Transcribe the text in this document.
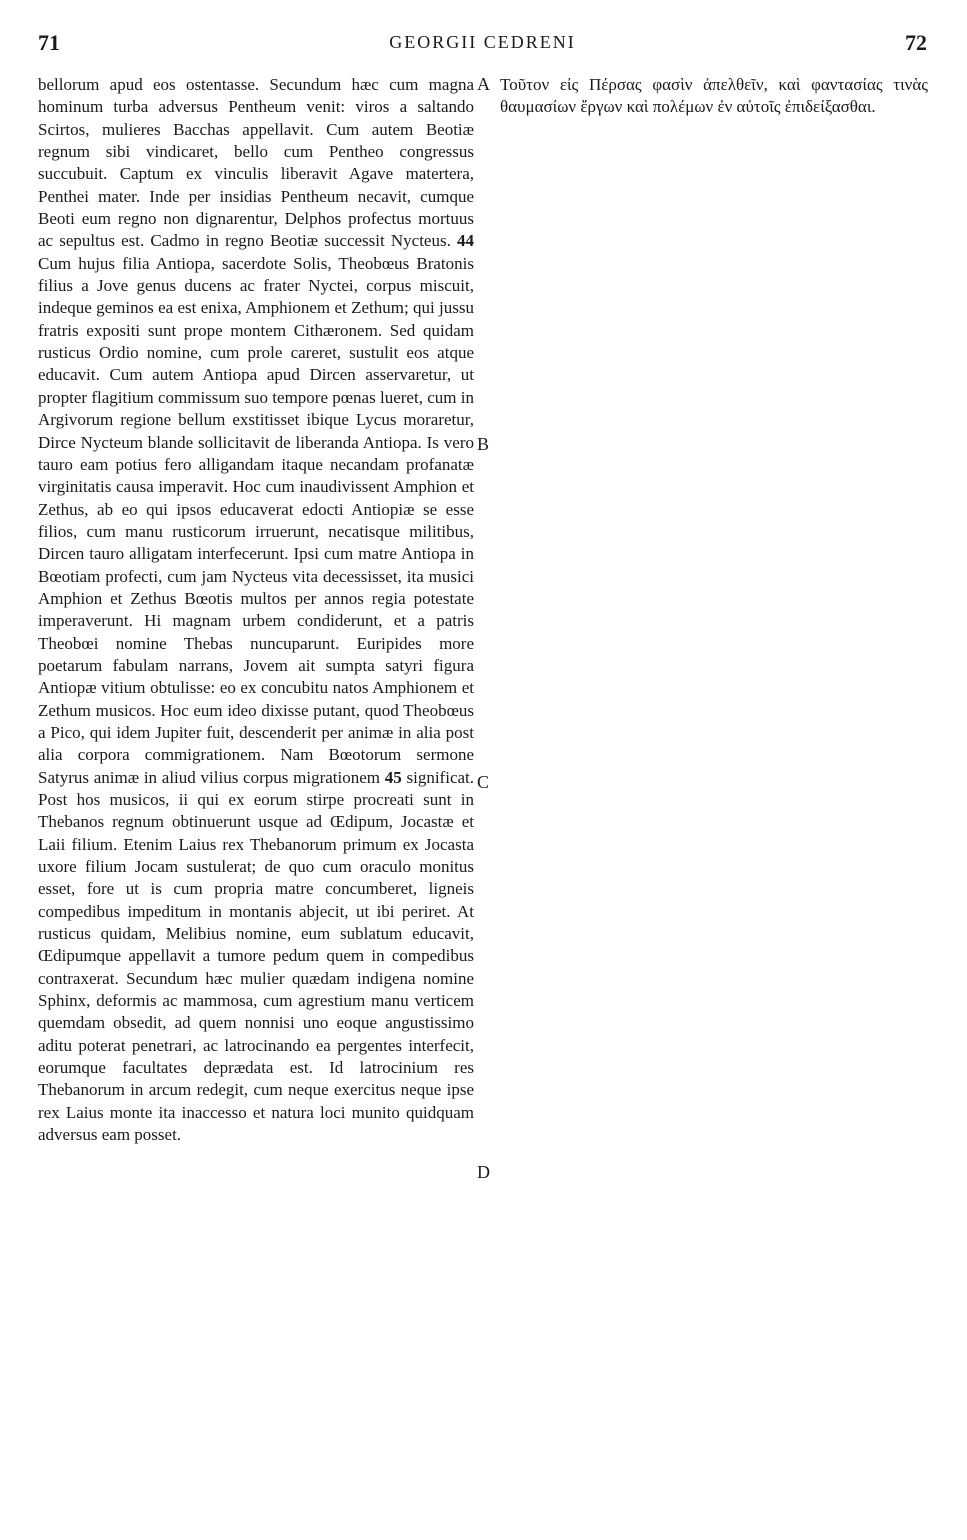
71	GEORGII CEDRENI	72

bellorum apud eos ostentasse. Secundum hæc cum magna hominum turba adversus Pentheum venit: viros a saltando Scirtos, mulieres Bacchas appellavit. Cum autem Beotiæ regnum sibi vindicaret, bello cum Pentheo congressus succubuit. Captum ex vinculis liberavit Agave matertera, Penthei mater. Inde per insidias Pentheum necavit, cumque Beoti eum regno non dignarentur, Delphos profectus mortuus ac sepultus est. Cadmo in regno Beotiæ successit Nycteus. 44 Cum hujus filia Antiopa, sacerdote Solis, Theobœus Bratonis filius a Jove genus ducens ac frater Nyctei, corpus miscuit, indeque geminos ea est enixa, Amphionem et Zethum; qui jussu fratris expositi sunt prope montem Cithæronem. Sed quidam rusticus Ordio nomine, cum prole careret, sustulit eos atque educavit. Cum autem Antiopa apud Dircen asservaretur, ut propter flagitium commissum suo tempore pœnas lueret, cum in Argivorum regione bellum exstitisset ibique Lycus moraretur, Dirce Nycteum blande sollicitavit de liberanda Antiopa. Is vero tauro eam potius fero alligandam itaque necandam profanatæ virginitatis causa imperavit. Hoc cum inaudivissent Amphion et Zethus, ab eo qui ipsos educaverat edocti Antiopiæ se esse filios, cum manu rusticorum irruerunt, necatisque militibus, Dircen tauro alligatam interfecerunt. Ipsi cum matre Antiopa in Bœotiam profecti, cum jam Nycteus vita decessisset, ita musici Amphion et Zethus Bœotis multos per annos regia potestate imperaverunt. Hi magnam urbem condiderunt, et a patris Theobœi nomine Thebas nuncuparunt. Euripides more poetarum fabulam narrans, Jovem ait sumpta satyri figura Antiopæ vitium obtulisse: eo ex concubitu natos Amphionem et Zethum musicos. Hoc eum ideo dixisse putant, quod Theobœus a Pico, qui idem Jupiter fuit, descenderit per animæ in alia post alia corpora commigrationem. Nam Bœotorum sermone Satyrus animæ in aliud vilius corpus migrationem 45 significat. Post hos musicos, ii qui ex eorum stirpe procreati sunt in Thebanos regnum obtinuerunt usque ad Œdipum, Jocastæ et Laii filium. Etenim Laius rex Thebanorum primum ex Jocasta uxore filium Jocam sustulerat; de quo cum oraculo monitus esset, fore ut is cum propria matre concumberet, ligneis compedibus impeditum in montanis abjecit, ut ibi periret. At rusticus quidam, Melibius nomine, eum sublatum educavit, Œdipumque appellavit a tumore pedum quem in compedibus contraxerat. Secundum hæc mulier quædam indigena nomine Sphinx, deformis ac mammosa, cum agrestium manu verticem quemdam obsedit, ad quem nonnisi uno eoque angustissimo aditu poterat penetrari, ac latrocinando ea pergentes interfecit, eorumque facultates deprædata est. Id latrocinium res Thebanorum in arcum redegit, cum neque exercitus neque ipse rex Laius monte ita inaccesso et natura loci munito quidquam adversus eam posset.

A
B
C
D

Τοῦτον εἰς Πέρσας φασὶν ἀπελθεῖν, καὶ φαντασίας τινὰς θαυμασίων ἔργων καὶ πολέμων ἐν αὐτοῖς ἐπιδείξασθαι.
